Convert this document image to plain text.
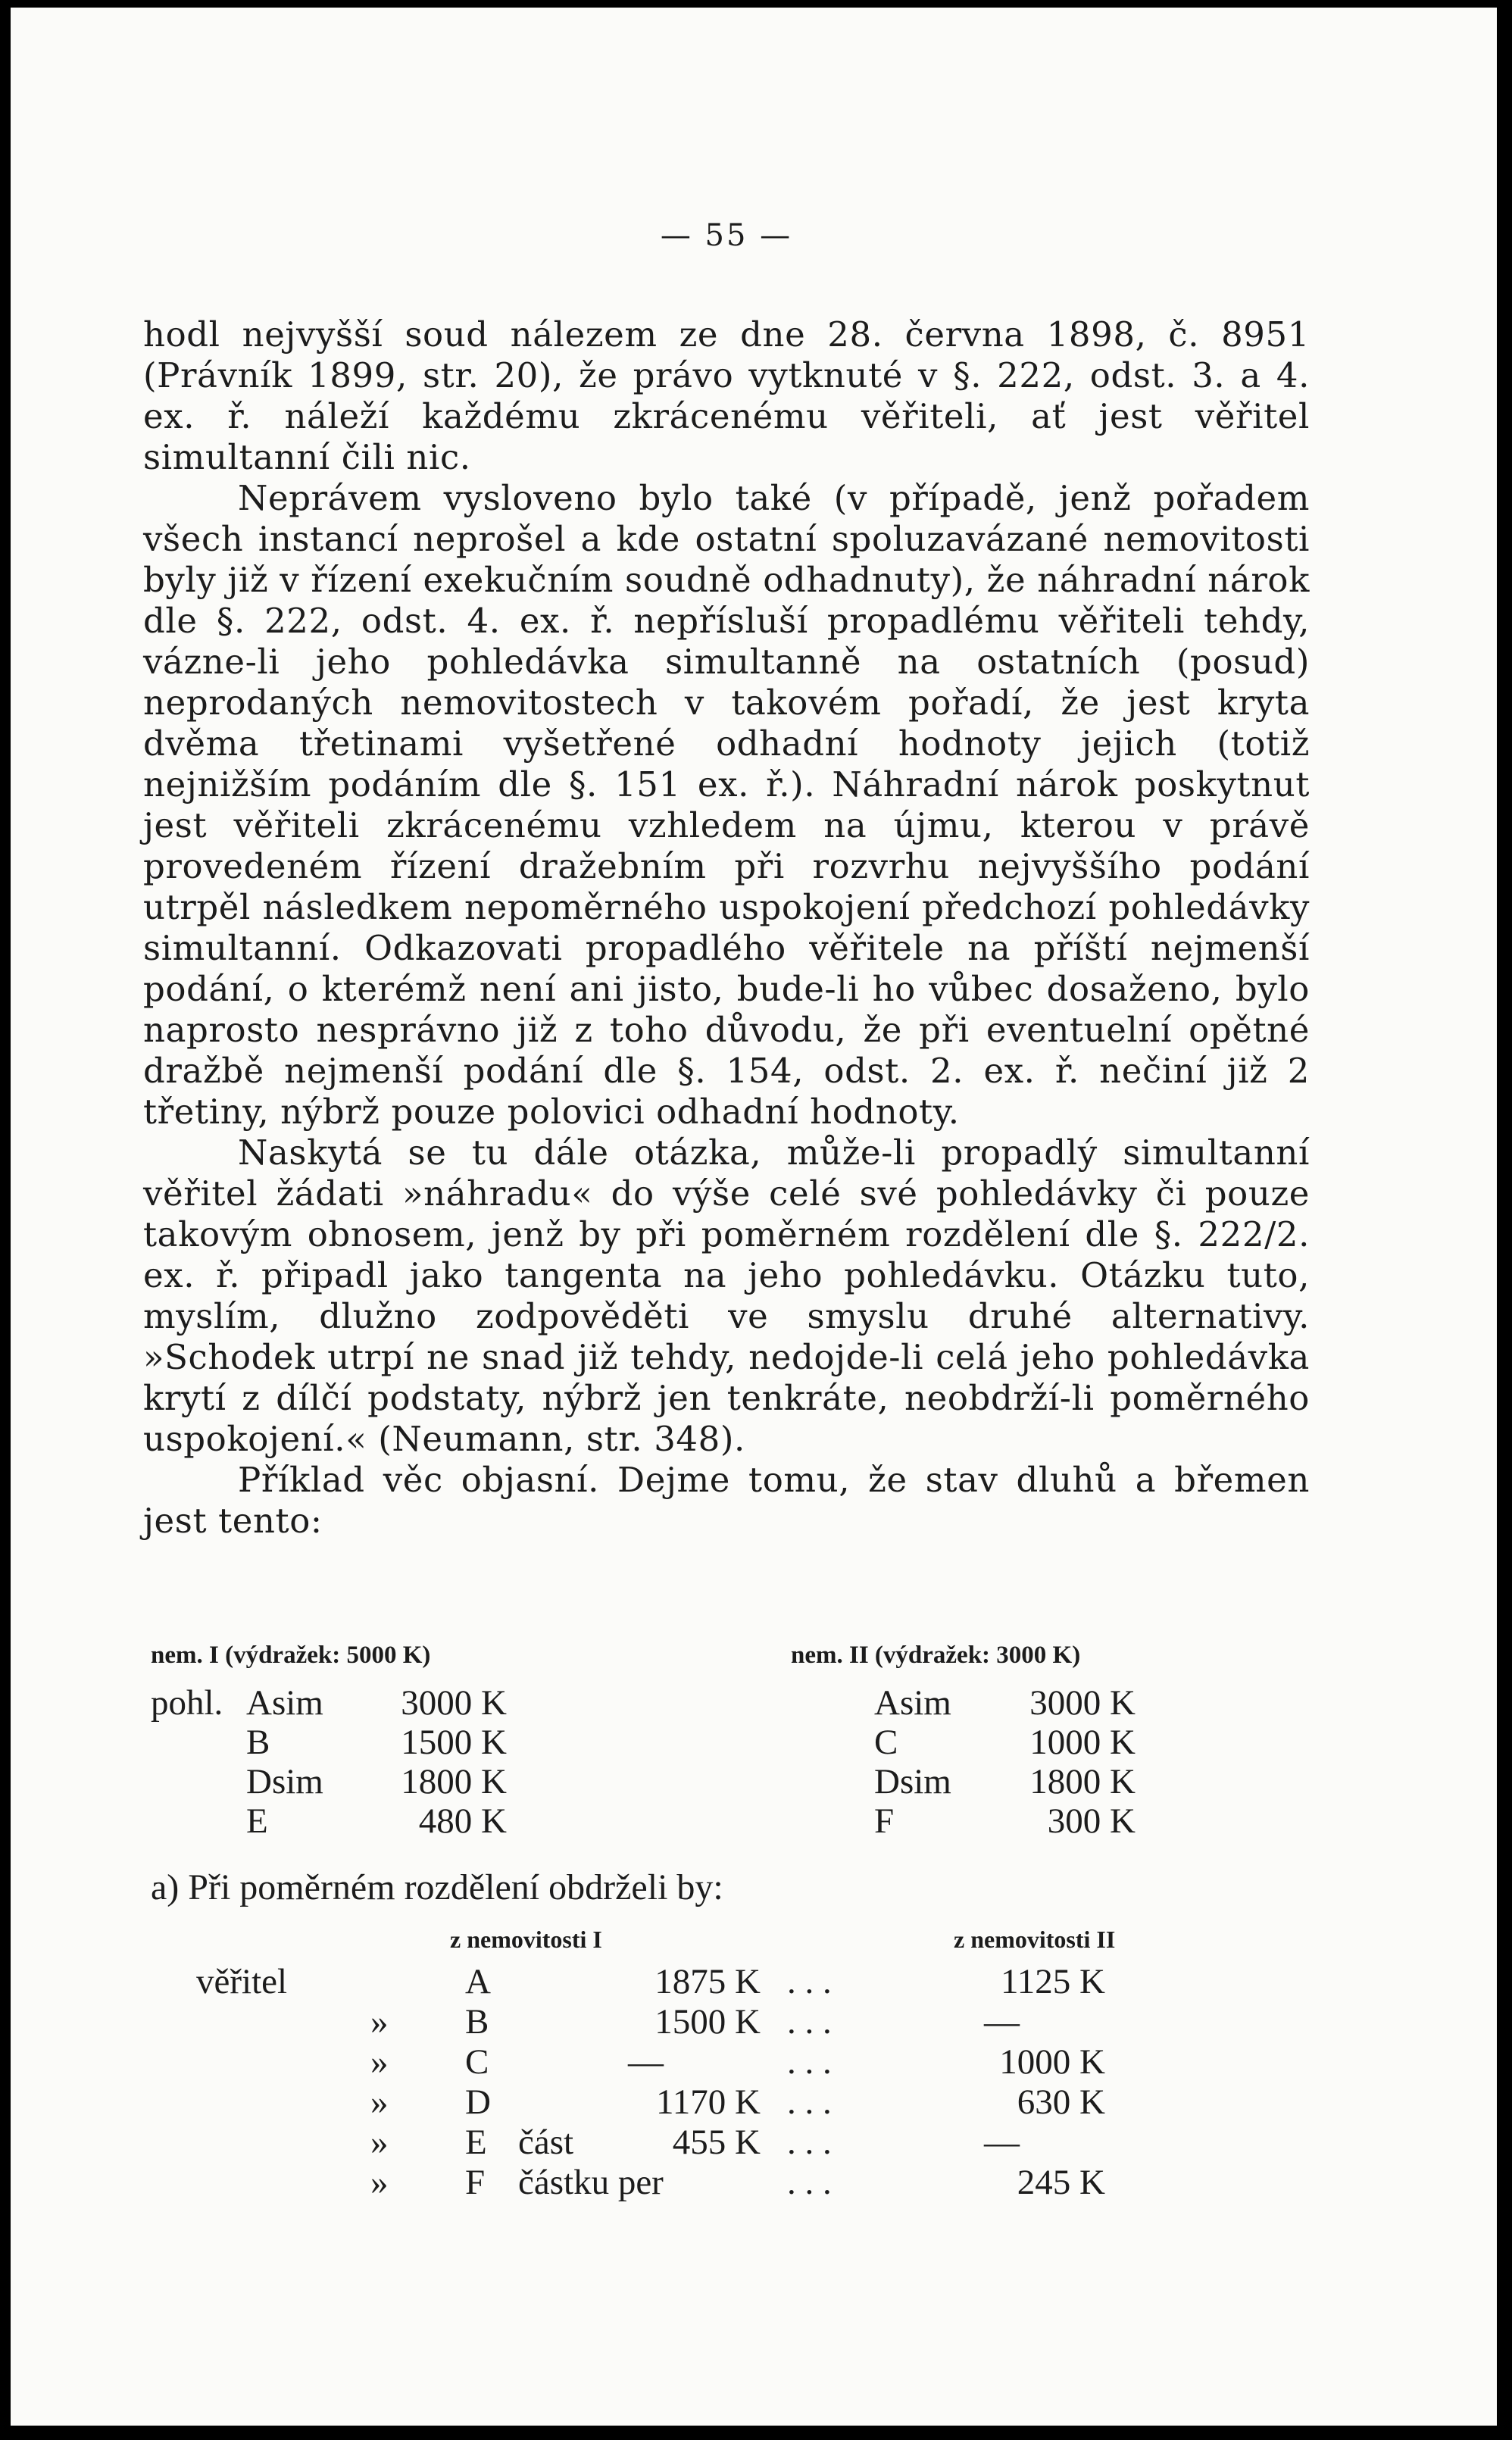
— 55 —

hodl nejvyšší soud nálezem ze dne 28. června 1898, č. 8951 (Právník 1899, str. 20), že právo vytknuté v §. 222, odst. 3. a 4. ex. ř. náleží každému zkrácenému věřiteli, ať jest věřitel simultanní čili nic.

Neprávem vysloveno bylo také (v případě, jenž pořadem všech instancí neprošel a kde ostatní spoluzavázané nemovitosti byly již v řízení exekučním soudně odhadnuty), že náhradní nárok dle §. 222, odst. 4. ex. ř. nepřísluší propadlému věřiteli tehdy, vázne-li jeho pohledávka simultanně na ostatních (posud) neprodaných nemovitostech v takovém pořadí, že jest kryta dvěma třetinami vyšetřené odhadní hodnoty jejich (totiž nejnižším podáním dle §. 151 ex. ř.). Náhradní nárok poskytnut jest věřiteli zkrácenému vzhledem na újmu, kterou v právě provedeném řízení dražebním při rozvrhu nejvyššího podání utrpěl následkem nepoměrného uspokojení předchozí pohledávky simultanní. Odkazovati propadlého věřitele na příští nejmenší podání, o kterémž není ani jisto, bude-li ho vůbec dosaženo, bylo naprosto nesprávno již z toho důvodu, že při eventuelní opětné dražbě nejmenší podání dle §. 154, odst. 2. ex. ř. nečiní již 2 třetiny, nýbrž pouze polovici odhadní hodnoty.

Naskytá se tu dále otázka, může-li propadlý simultanní věřitel žádati »náhradu« do výše celé své pohledávky či pouze takovým obnosem, jenž by při poměrném rozdělení dle §. 222/2. ex. ř. připadl jako tangenta na jeho pohledávku. Otázku tuto, myslím, dlužno zodpověděti ve smyslu druhé alternativy. »Schodek utrpí ne snad již tehdy, nedojde-li celá jeho pohledávka krytí z dílčí podstaty, nýbrž jen tenkráte, neobdrží-li poměrného uspokojení.« (Neumann, str. 348).

Příklad věc objasní. Dejme tomu, že stav dluhů a břemen jest tento:

nem. I (výdražek: 5000 K)	nem. II (výdražek: 3000 K)
pohl. Asim	3000 K
B	1500 K
Dsim	1800 K
E	480 K
Asim	3000 K
C	1000 K
Dsim	1800 K
F	300 K
a) Při poměrném rozdělení obdrželi by:
z nemovitosti I	z nemovitosti II
věřitel	A	1875 K . . .	1125 K
» B	1500 K . . .	—
» C	—	. . .	1000 K
» D	1170 K . . .	630 K
» E část	455 K . . .	—
» F částku per	. . .	245 K
